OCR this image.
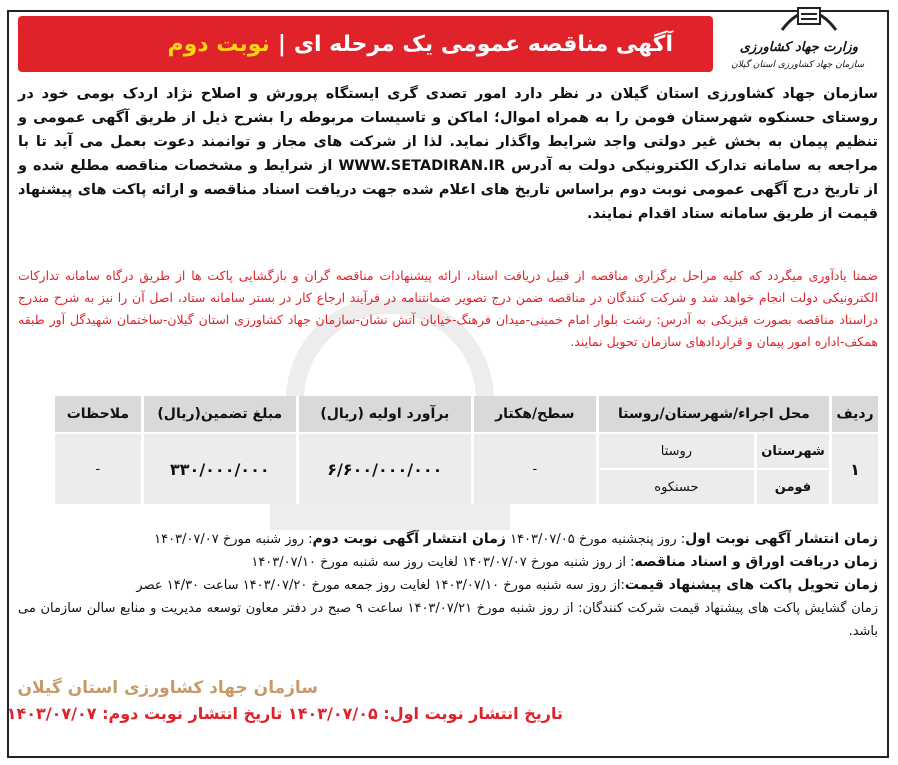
وزارت جهاد کشاورزی
سازمان جهاد کشاورزی استان گیلان
آگهی مناقصه عمومی یک مرحله ای
|
نوبت دوم
سازمان جهاد کشاورزی استان گیلان در نظر دارد امور تصدی گری ایستگاه پرورش و اصلاح نژاد اردک بومی خود در روستای حسنکوه شهرستان فومن را به همراه اموال؛ اماکن و تاسیسات مربوطه را بشرح ذیل از طریق آگهی عمومی و تنظیم پیمان به بخش غیر دولتی واجد شرایط واگذار نماید. لذا از شرکت های مجاز و توانمند دعوت بعمل می آید تا با مراجعه به سامانه تدارک الکترونیکی دولت به آدرس WWW.SETADIRAN.IR از شرایط و مشخصات مناقصه مطلع شده و از تاریخ درج آگهی عمومی نوبت دوم براساس تاریخ های اعلام شده جهت دریافت اسناد مناقصه و ارائه پاکت های پیشنهاد قیمت از طریق سامانه ستاد اقدام نمایند.
ضمنا یادآوری میگردد که کلیه مراحل برگزاری مناقصه از قبیل دریافت اسناد، ارائه پیشنهادات مناقصه گران و بازگشایی پاکت ها از طریق درگاه سامانه تدارکات الکترونیکی دولت انجام خواهد شد و شرکت کنندگان در مناقصه ضمن درج تصویر ضمانتنامه در فرآیند ارجاع کار در بستر سامانه ستاد، اصل آن را نیز به شرح مندرج دراسناد مناقصه بصورت فیزیکی به آدرس: رشت بلوار امام خمینی-میدان فرهنگ-خیابان آتش نشان-سازمان جهاد کشاورزی استان گیلان-ساختمان شهیدگل آور طبقه همکف-اداره امور پیمان و قراردادهای سازمان تحویل نمایند.
ردیف	محل اجراء/شهرستان/روستا		سطح/هکتار	برآورد اولیه (ریال)	مبلغ تضمین(ریال)	ملاحظات
۱	شهرستان	روستا	-	۶/۶۰۰/۰۰۰/۰۰۰	۳۳۰/۰۰۰/۰۰۰	-
	فومن	حسنکوه				
زمان انتشار آگهی نوبت اول: روز پنجشنبه مورخ ۱۴۰۳/۰۷/۰۵ زمان انتشار آگهی نوبت دوم: روز شنبه مورخ ۱۴۰۳/۰۷/۰۷
زمان دریافت اوراق و اسناد مناقصه: از روز شنبه مورخ ۱۴۰۳/۰۷/۰۷ لغایت روز سه شنبه مورخ ۱۴۰۳/۰۷/۱۰
زمان تحویل پاکت های پیشنهاد قیمت:از روز سه شنبه مورخ ۱۴۰۳/۰۷/۱۰ لغایت روز جمعه مورخ ۱۴۰۳/۰۷/۲۰ ساعت ۱۴/۳۰ عصر
زمان گشایش پاکت های پیشنهاد قیمت شرکت کنندگان: از روز شنبه مورخ ۱۴۰۳/۰۷/۲۱ ساعت ۹ صبح در دفتر معاون توسعه مدیریت و منابع سالن سازمان می باشد.
سازمان جهاد کشاورزی استان گیلان
تاریخ انتشار نوبت اول: ۱۴۰۳/۰۷/۰۵ تاریخ انتشار نوبت دوم: ۱۴۰۳/۰۷/۰۷
